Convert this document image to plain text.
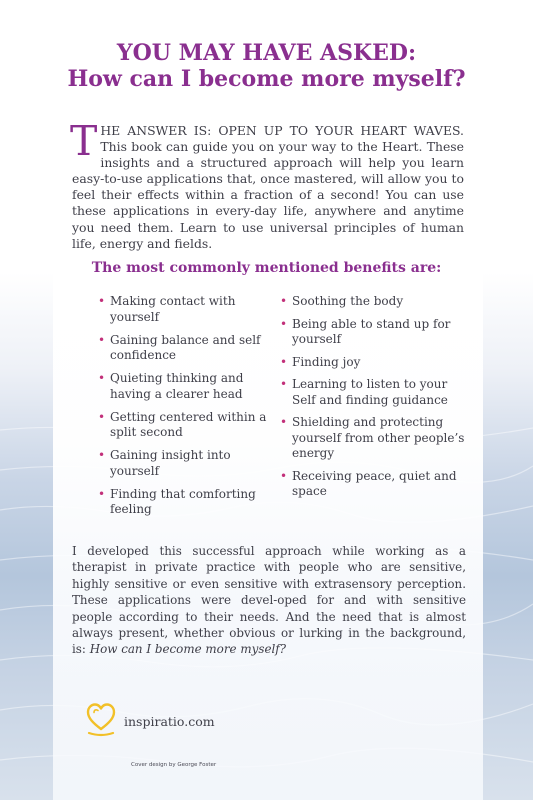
YOU MAY HAVE ASKED:
How can I become more myself?
THE ANSWER IS: OPEN UP TO YOUR HEART WAVES. This book can guide you on your way to the Heart. These insights and a structured approach will help you learn easy-to-use applications that, once mastered, will allow you to feel their effects within a fraction of a second! You can use these applications in every-day life, anywhere and anytime you need them. Learn to use universal principles of human life, energy and fields.
The most commonly mentioned benefits are:
• Making contact with yourself
• Gaining balance and self confidence
• Quieting thinking and having a clearer head
• Getting centered within a split second
• Gaining insight into yourself
• Finding that comforting feeling
• Soothing the body
• Being able to stand up for yourself
• Finding joy
• Learning to listen to your Self and finding guidance
• Shielding and protecting yourself from other people’s energy
• Receiving peace, quiet and space
I developed this successful approach while working as a therapist in private practice with people who are sensitive, highly sensitive or even sensitive with extrasensory perception. These applications were devel-oped for and with sensitive people according to their needs. And the need that is almost always present, whether obvious or lurking in the background, is: How can I become more myself?
inspiratio.com
Cover design by George Foster
